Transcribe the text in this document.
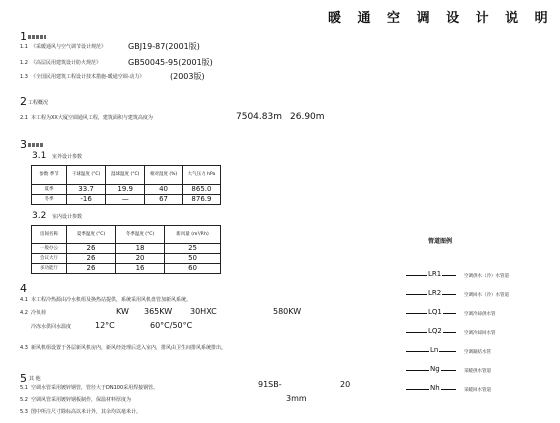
暖 通 空 调 设 计 说 明
1
1.1 《采暖通风与空气调节设计规范》	GBJ19-87(2001版)
1.2 《高层民用建筑设计防火规范》	GB50045-95(2001版)
1.3 《全国民用建筑工程设计技术措施-暖通空调·动力》	(2003版)
2 工程概况
2.1 本工程为XX大厦空调通风工程，建筑面积与建筑高度为	7504.83m 26.90m
3
3.1 室外设计参数
参数 季节	干球温度 (°C)	湿球温度 (°C)	相对湿度 (%)	大气压力 hPa
夏季	33.7	19.9	40	865.0
冬季	-16	—	67	876.9
3.2 室内设计参数
房间名称	夏季温度 (°C)	冬季温度 (°C)	新风量 (m³/P.h)
一般办公	26	18	25
会议大厅	26	20	50
多功能厅	26	16	60
4
4.1 本工程冷热源由冷水机组及换热站提供，系统采用风机盘管加新风系统。
4.2 冷负荷	KW 365KW 30HXC	580KW
冷冻水供回水温度	12°C	60°C/50°C
4.3 新风机组设置于各层新风机房内，新风经处理后送入室内，排风由卫生间排风系统排出。
5 其 他
5.1 空调水管采用镀锌钢管，管径大于DN100采用焊接钢管。	91SB-	20
5.2 空调风管采用镀锌钢板制作，保温材料厚度为	3mm
5.3 图中所注尺寸除标高以米计外，其余均以毫米计。
管道图例
LR1	空调供水（冷）水管道
LR2	空调回水（冷）水管道
LQ1	空调冷却供水管
LQ2	空调冷却回水管
Ln	空调凝结水管
Ng	采暖供水管道
Nh	采暖回水管道
